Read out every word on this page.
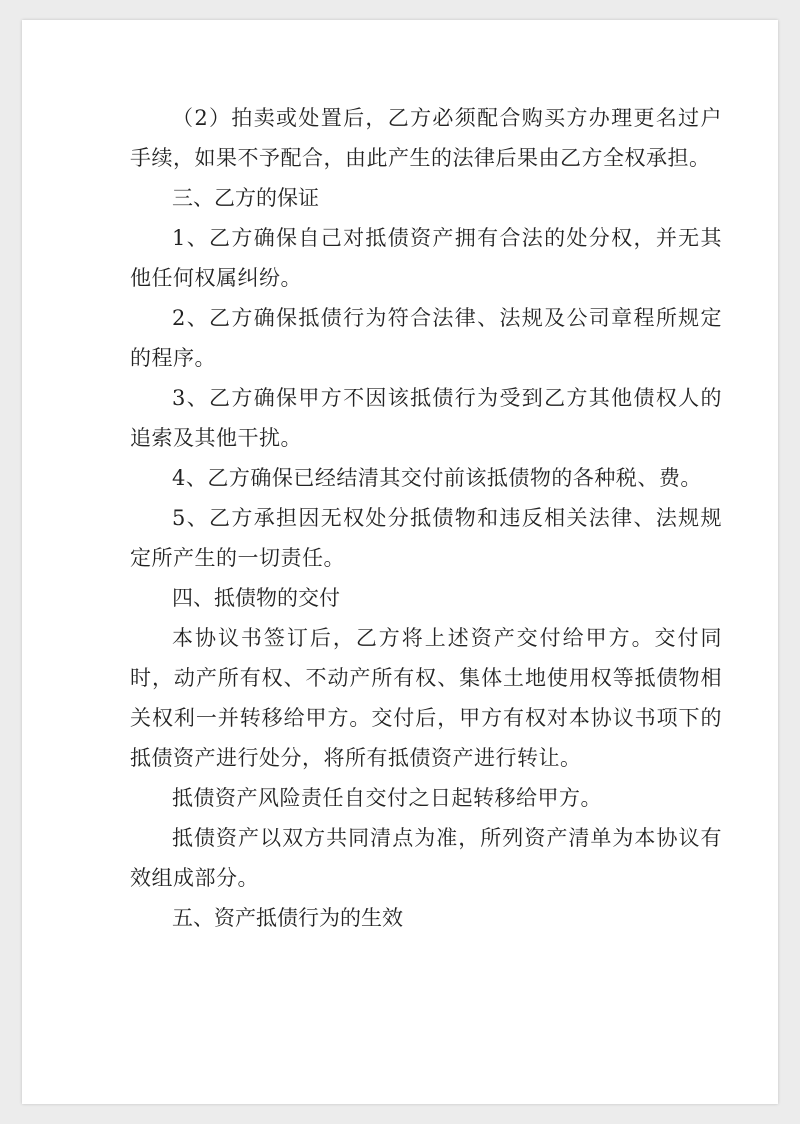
（2）拍卖或处置后，乙方必须配合购买方办理更名过户手续，如果不予配合，由此产生的法律后果由乙方全权承担。

三、乙方的保证

1、乙方确保自己对抵债资产拥有合法的处分权，并无其他任何权属纠纷。

2、乙方确保抵债行为符合法律、法规及公司章程所规定的程序。

3、乙方确保甲方不因该抵债行为受到乙方其他债权人的追索及其他干扰。

4、乙方确保已经结清其交付前该抵债物的各种税、费。

5、乙方承担因无权处分抵债物和违反相关法律、法规规定所产生的一切责任。

四、抵债物的交付

本协议书签订后，乙方将上述资产交付给甲方。交付同时，动产所有权、不动产所有权、集体土地使用权等抵债物相关权利一并转移给甲方。交付后，甲方有权对本协议书项下的抵债资产进行处分，将所有抵债资产进行转让。

抵债资产风险责任自交付之日起转移给甲方。

抵债资产以双方共同清点为准，所列资产清单为本协议有效组成部分。

五、资产抵债行为的生效
